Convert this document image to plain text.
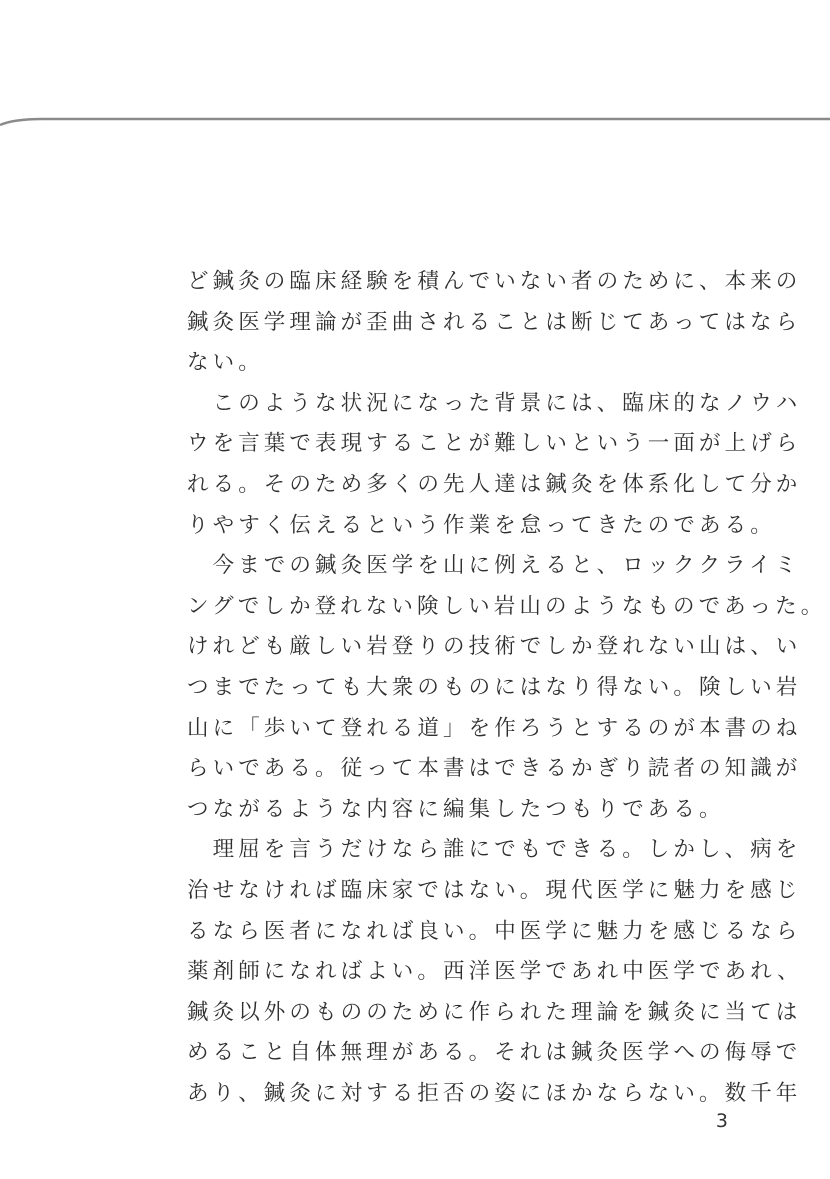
ど鍼灸の臨床経験を積んでいない者のために、本来の
鍼灸医学理論が歪曲されることは断じてあってはなら
ない。
　このような状況になった背景には、臨床的なノウハ
ウを言葉で表現することが難しいという一面が上げら
れる。そのため多くの先人達は鍼灸を体系化して分か
りやすく伝えるという作業を怠ってきたのである。
　今までの鍼灸医学を山に例えると、ロッククライミ
ングでしか登れない険しい岩山のようなものであった。
けれども厳しい岩登りの技術でしか登れない山は、い
つまでたっても大衆のものにはなり得ない。険しい岩
山に「歩いて登れる道」を作ろうとするのが本書のね
らいである。従って本書はできるかぎり読者の知識が
つながるような内容に編集したつもりである。
　理屈を言うだけなら誰にでもできる。しかし、病を
治せなければ臨床家ではない。現代医学に魅力を感じ
るなら医者になれば良い。中医学に魅力を感じるなら
薬剤師になればよい。西洋医学であれ中医学であれ、
鍼灸以外のもののために作られた理論を鍼灸に当ては
めること自体無理がある。それは鍼灸医学への侮辱で
あり、鍼灸に対する拒否の姿にほかならない。数千年
3
